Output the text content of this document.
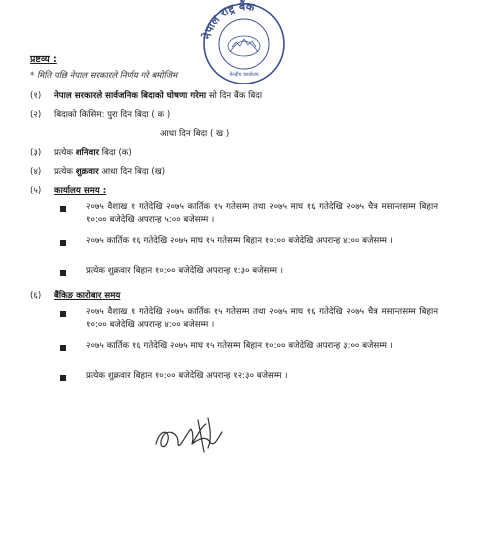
नेपाल राष्ट्र बैंक
केन्द्रीय कार्यालय
प्रष्टव्य :
* मिति पछि नेपाल सरकारले निर्णय गरे बमोजिम
(१) नेपाल सरकारले सार्वजनिक बिदाको घोषणा गरेमा सो दिन बैंक बिदा
(२) बिदाको किसिम: पुरा दिन बिदा ( क )
आधा दिन बिदा ( ख )
(३) प्रत्येक शनिवार बिदा (क)
(४) प्रत्येक शुक्रवार आधा दिन बिदा (ख)
(५) कार्यालय समय :
२०७५ वैशाख १ गतेदेखि २०७५ कार्तिक १५ गतेसम्म तथा २०७५ माघ १६ गतेदेखि २०७५ चैत्र मसान्तसम्म बिहान १०:०० बजेदेखि अपरान्ह ५:०० बजेसम्म ।
२०७५ कार्तिक १६ गतेदेखि २०७५ माघ १५ गतेसम्म बिहान १०:०० बजेदेखि अपरान्ह ४:०० बजेसम्म ।
प्रत्येक शुक्रवार बिहान १०:०० बजेदेखि अपरान्ह १:३० बजेसम्म ।
(६) बैंकिङ कारोबार समय
२०७५ वैशाख १ गतेदेखि २०७५ कार्तिक १५ गतेसम्म तथा २०७५ माघ १६ गतेदेखि २०७५ चैत्र मसान्तसम्म बिहान १०:०० बजेदेखि अपरान्ह ४:०० बजेसम्म ।
२०७५ कार्तिक १६ गतेदेखि २०७५ माघ १५ गतेसम्म बिहान १०:०० बजेदेखि अपरान्ह ३:०० बजेसम्म ।
प्रत्येक शुक्रवार बिहान १०:०० बजेदेखि अपरान्ह १२:३० बजेसम्म ।
